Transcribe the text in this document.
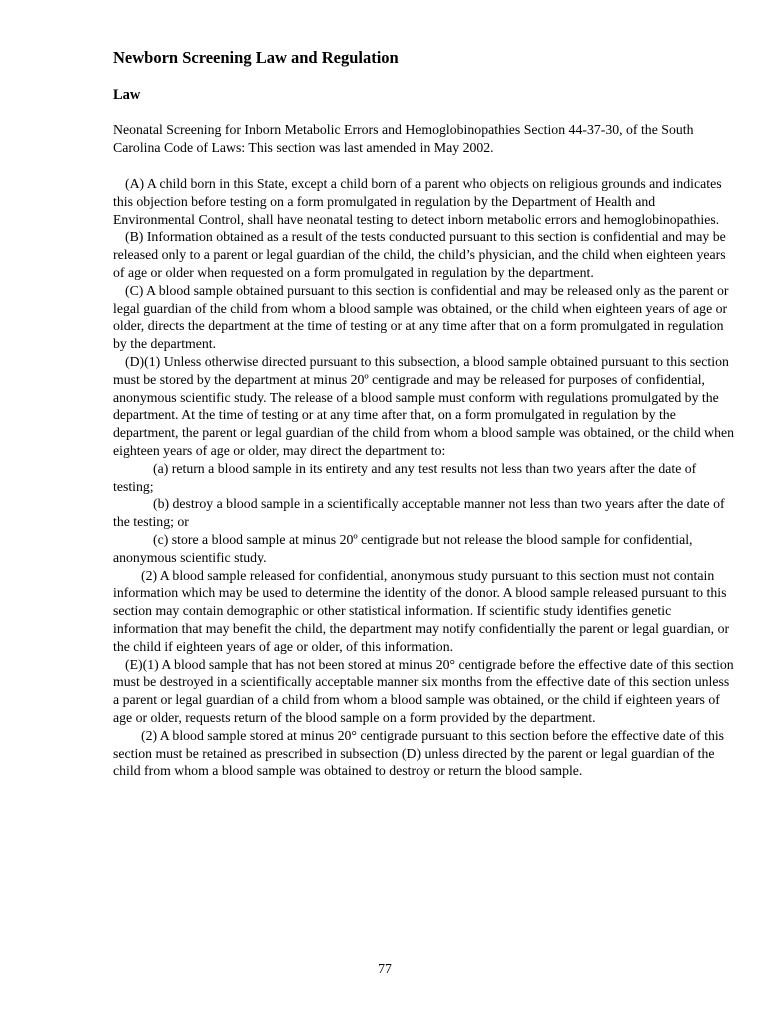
Newborn Screening Law and Regulation
Law
Neonatal Screening for Inborn Metabolic Errors and Hemoglobinopathies Section 44-37-30, of the South Carolina Code of Laws: This section was last amended in May 2002.

(A) A child born in this State, except a child born of a parent who objects on religious grounds and indicates this objection before testing on a form promulgated in regulation by the Department of Health and Environmental Control, shall have neonatal testing to detect inborn metabolic errors and hemoglobinopathies.

(B) Information obtained as a result of the tests conducted pursuant to this section is confidential and may be released only to a parent or legal guardian of the child, the child’s physician, and the child when eighteen years of age or older when requested on a form promulgated in regulation by the department.

(C) A blood sample obtained pursuant to this section is confidential and may be released only as the parent or legal guardian of the child from whom a blood sample was obtained, or the child when eighteen years of age or older, directs the department at the time of testing or at any time after that on a form promulgated in regulation by the department.

(D)(1) Unless otherwise directed pursuant to this subsection, a blood sample obtained pursuant to this section must be stored by the department at minus 20º centigrade and may be released for purposes of confidential, anonymous scientific study. The release of a blood sample must conform with regulations promulgated by the department. At the time of testing or at any time after that, on a form promulgated in regulation by the department, the parent or legal guardian of the child from whom a blood sample was obtained, or the child when eighteen years of age or older, may direct the department to:

(a) return a blood sample in its entirety and any test results not less than two years after the date of testing;

(b) destroy a blood sample in a scientifically acceptable manner not less than two years after the date of the testing; or

(c) store a blood sample at minus 20º centigrade but not release the blood sample for confidential, anonymous scientific study.

(2) A blood sample released for confidential, anonymous study pursuant to this section must not contain information which may be used to determine the identity of the donor. A blood sample released pursuant to this section may contain demographic or other statistical information. If scientific study identifies genetic information that may benefit the child, the department may notify confidentially the parent or legal guardian, or the child if eighteen years of age or older, of this information.

(E)(1) A blood sample that has not been stored at minus 20° centigrade before the effective date of this section must be destroyed in a scientifically acceptable manner six months from the effective date of this section unless a parent or legal guardian of a child from whom a blood sample was obtained, or the child if eighteen years of age or older, requests return of the blood sample on a form provided by the department.

(2) A blood sample stored at minus 20° centigrade pursuant to this section before the effective date of this section must be retained as prescribed in subsection (D) unless directed by the parent or legal guardian of the child from whom a blood sample was obtained to destroy or return the blood sample.

77
